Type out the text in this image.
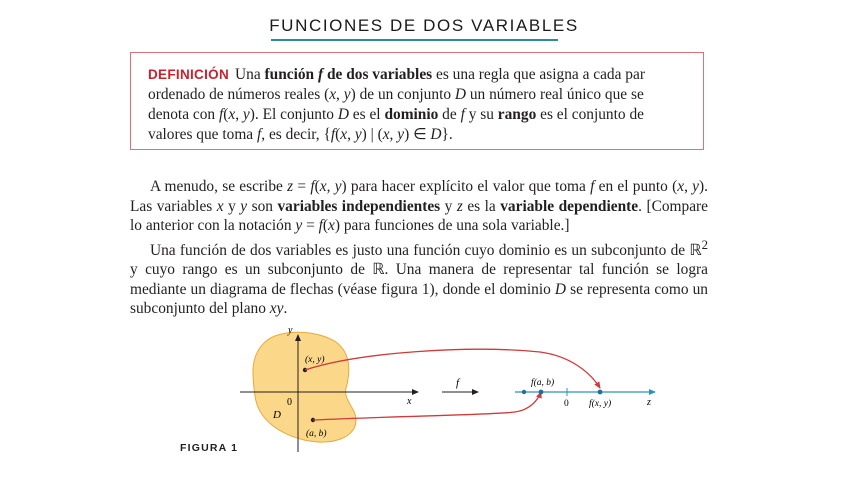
FUNCIONES DE DOS VARIABLES
DEFINICIÓN Una función f de dos variables es una regla que asigna a cada par ordenado de números reales (x, y) de un conjunto D un número real único que se denota con f(x, y). El conjunto D es el dominio de f y su rango es el conjunto de valores que toma f, es decir, {f(x, y) | (x, y) ∈ D}.

A menudo, se escribe z = f(x, y) para hacer explícito el valor que toma f en el punto (x, y). Las variables x y y son variables independientes y z es la variable dependiente. [Compare lo anterior con la notación y = f(x) para funciones de una sola variable.]

Una función de dos variables es justo una función cuyo dominio es un subconjunto de ℝ$^2$ y cuyo rango es un subconjunto de ℝ. Una manera de representar tal función se logra mediante un diagrama de flechas (véase figura 1), donde el dominio D se representa como un subconjunto del plano xy.

y
x
0
D
(x, y)
(a, b)
f	f(a, b)
0 f(x, y)	z
FIGURA 1
